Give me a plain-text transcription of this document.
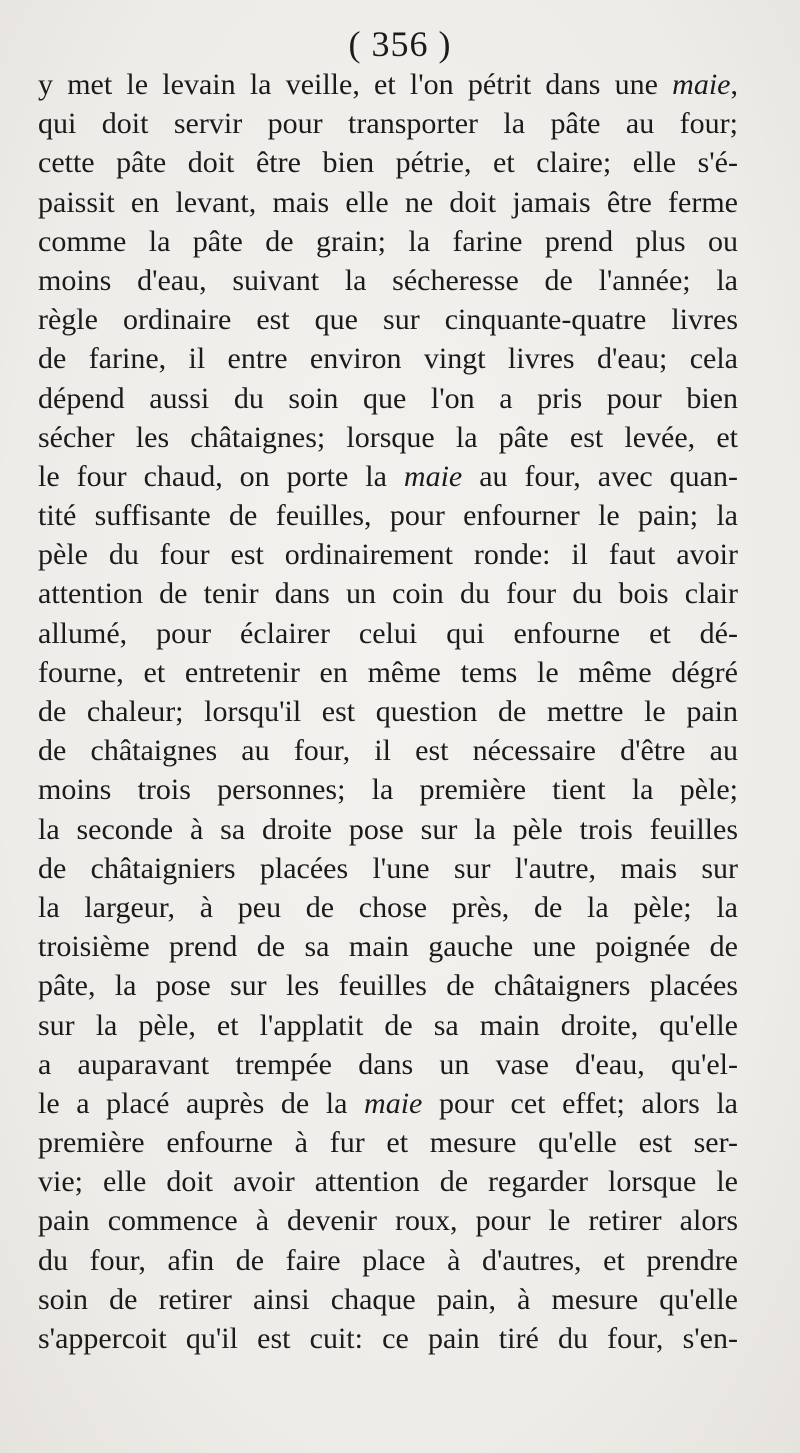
( 356 )
y met le levain la veille, et l'on pétrit dans une maie,
qui doit servir pour transporter la pâte au four;
cette pâte doit être bien pétrie, et claire; elle s'é-
paissit en levant, mais elle ne doit jamais être ferme
comme la pâte de grain; la farine prend plus ou
moins d'eau, suivant la sécheresse de l'année; la
règle ordinaire est que sur cinquante-quatre livres
de farine, il entre environ vingt livres d'eau; cela
dépend aussi du soin que l'on a pris pour bien
sécher les châtaignes; lorsque la pâte est levée, et
le four chaud, on porte la maie au four, avec quan-
tité suffisante de feuilles, pour enfourner le pain; la
pèle du four est ordinairement ronde: il faut avoir
attention de tenir dans un coin du four du bois clair
allumé, pour éclairer celui qui enfourne et dé-
fourne, et entretenir en même tems le même dégré
de chaleur; lorsqu'il est question de mettre le pain
de châtaignes au four, il est nécessaire d'être au
moins trois personnes; la première tient la pèle;
la seconde à sa droite pose sur la pèle trois feuilles
de châtaigniers placées l'une sur l'autre, mais sur
la largeur, à peu de chose près, de la pèle; la
troisième prend de sa main gauche une poignée de
pâte, la pose sur les feuilles de châtaigners placées
sur la pèle, et l'applatit de sa main droite, qu'elle
a auparavant trempée dans un vase d'eau, qu'el-
le a placé auprès de la maie pour cet effet; alors la
première enfourne à fur et mesure qu'elle est ser-
vie; elle doit avoir attention de regarder lorsque le
pain commence à devenir roux, pour le retirer alors
du four, afin de faire place à d'autres, et prendre
soin de retirer ainsi chaque pain, à mesure qu'elle
s'appercoit qu'il est cuit: ce pain tiré du four, s'en-
